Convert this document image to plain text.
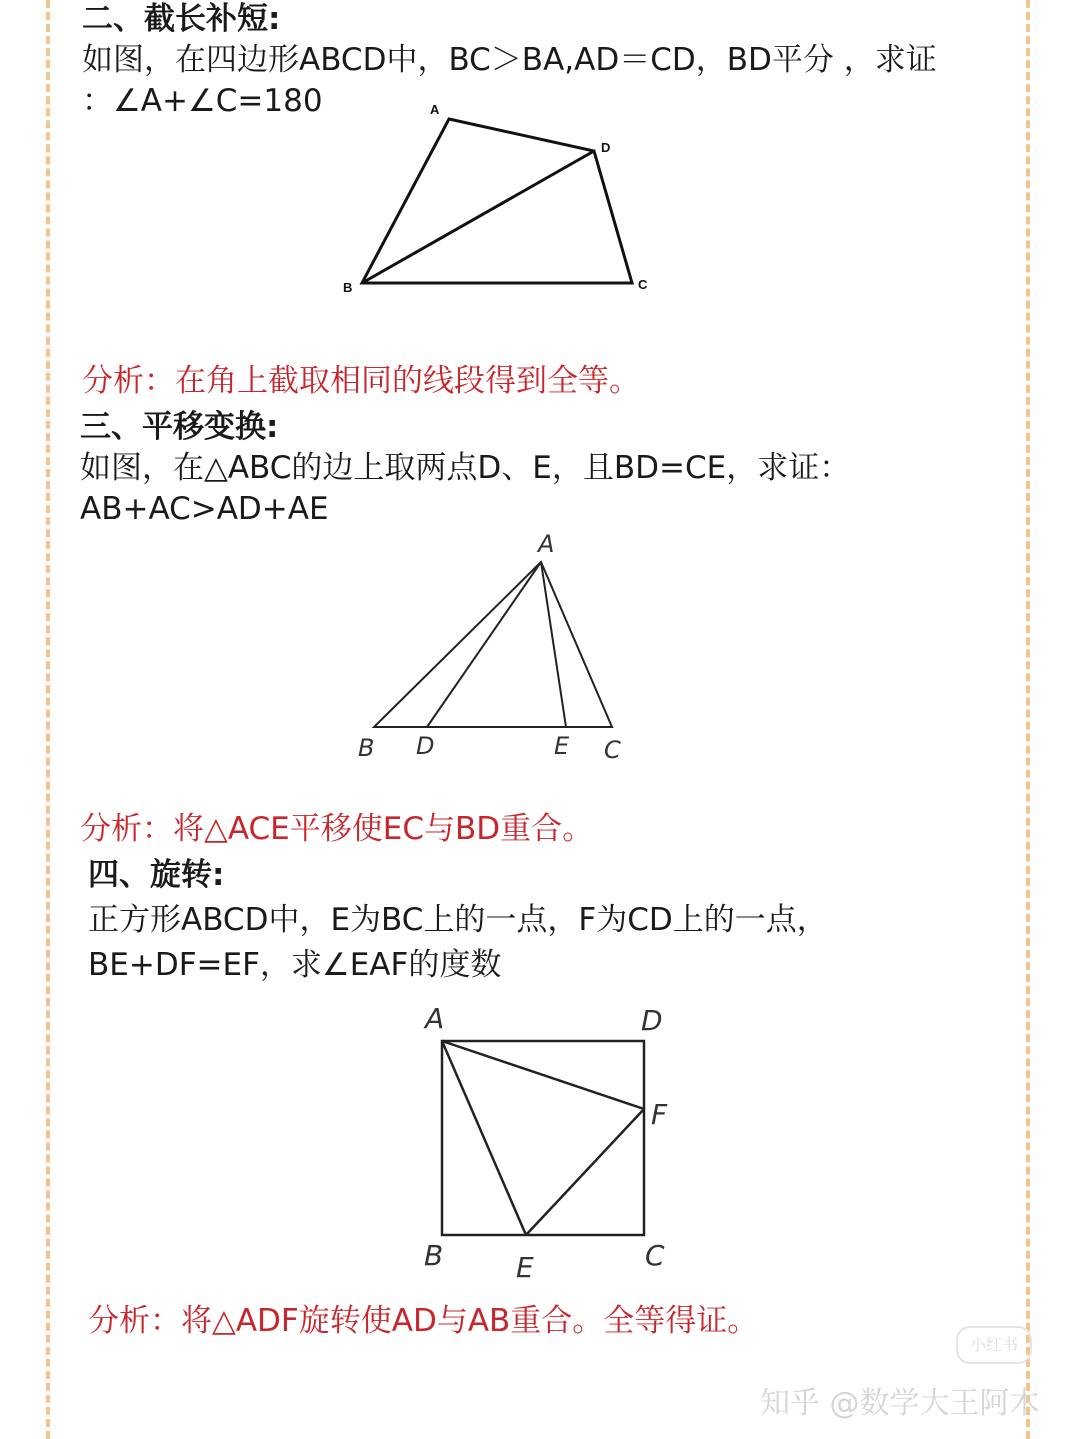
二、截长补短:
如图，在四边形ABCD中，BC＞BA,AD＝CD，BD平分 ，求证
：∠A+∠C=180	A
D
B	C
分析：在角上截取相同的线段得到全等。
三、平移变换:
如图，在△ABC的边上取两点D、E，且BD=CE，求证：
AB+AC>AD+AE
A
B D	E C
分析：将△ACE平移使EC与BD重合。
四、旋转:
正方形ABCD中，E为BC上的一点，F为CD上的一点，
BE+DF=EF，求∠EAF的度数
A	D
F
B	E	C
分析：将△ADF旋转使AD与AB重合。全等得证。
小红书
知乎 @数学大王阿木
